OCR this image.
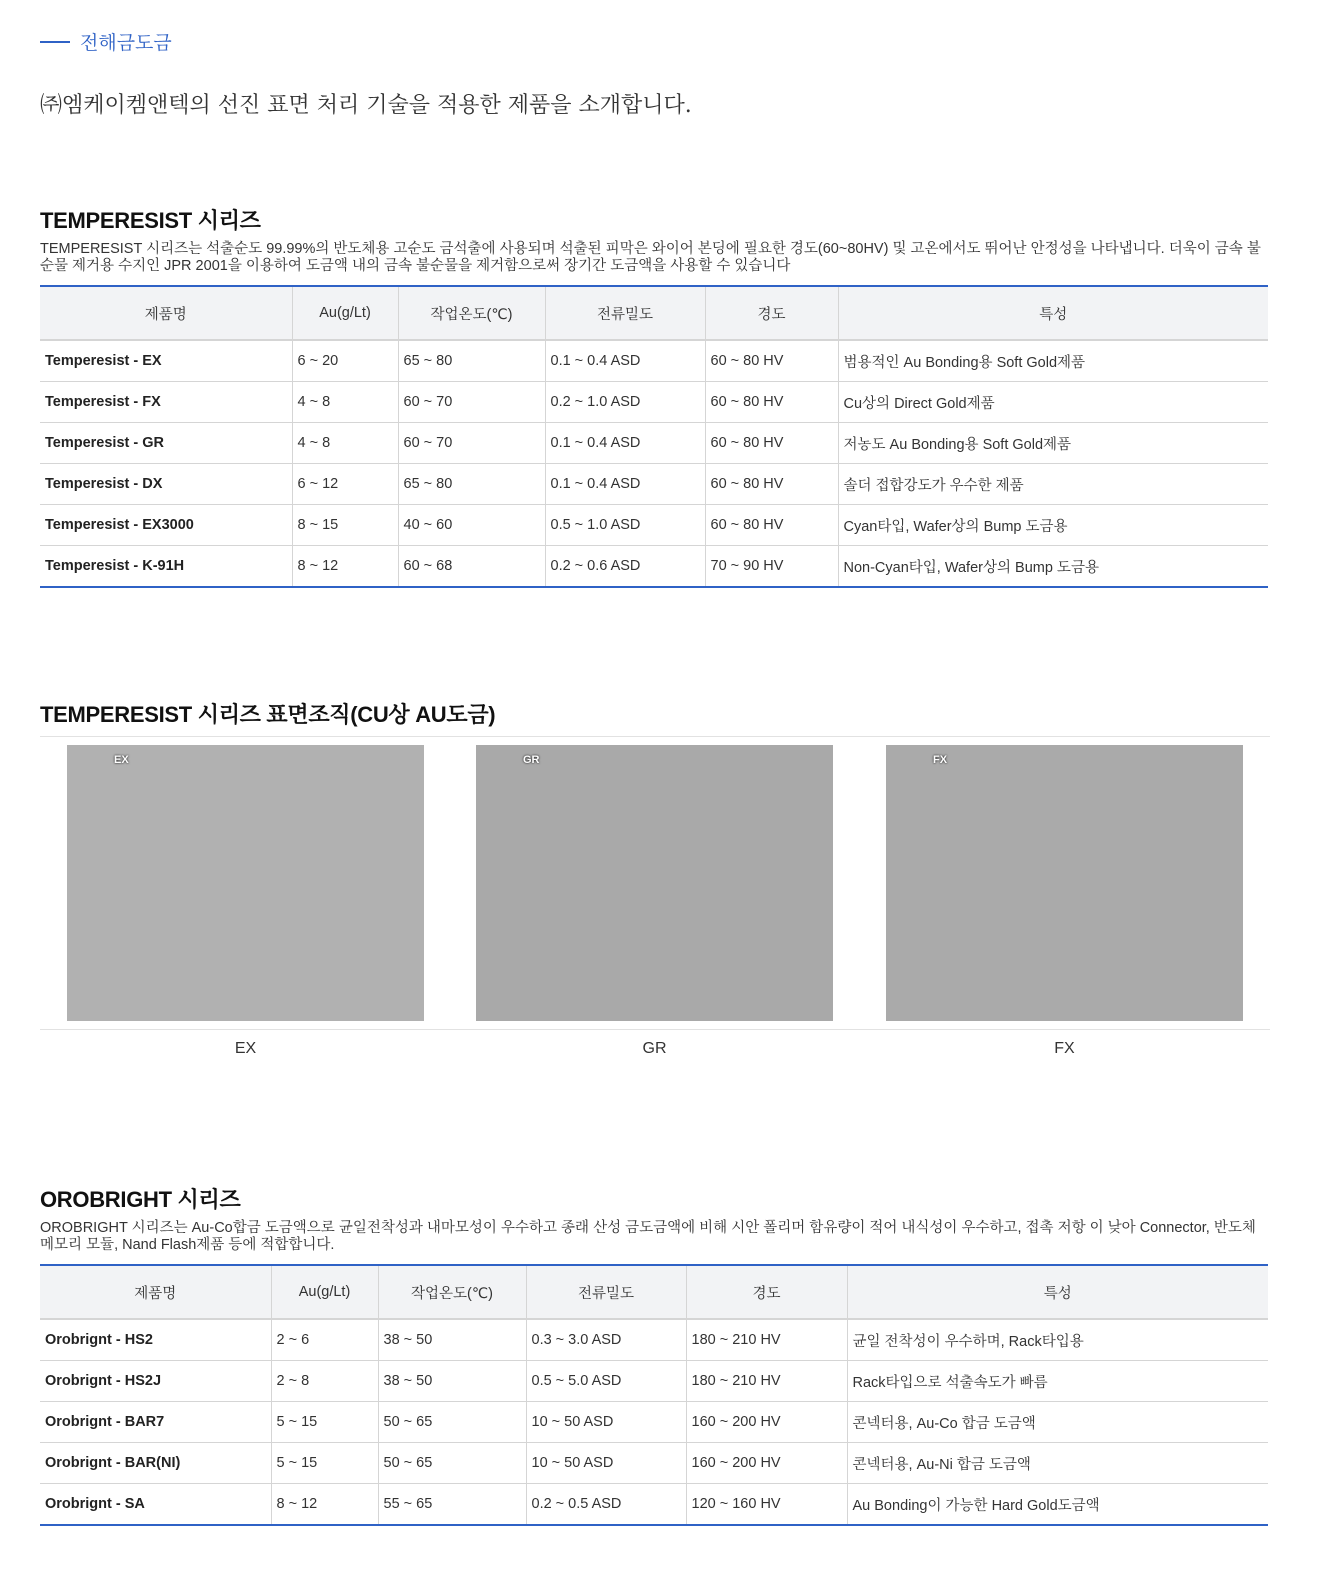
전해금도금
㈜엠케이켐앤텍의 선진 표면 처리 기술을 적용한 제품을 소개합니다.
TEMPERESIST 시리즈
TEMPERESIST 시리즈는 석출순도 99.99%의 반도체용 고순도 금석출에 사용되며 석출된 피막은 와이어 본딩에 필요한 경도(60~80HV) 및 고온에서도 뛰어난 안정성을 나타냅니다. 더욱이 금속 불순물 제거용 수지인 JPR 2001을 이용하여 도금액 내의 금속 불순물을 제거함으로써 장기간 도금액을 사용할 수 있습니다
제품명	Au(g/Lt)	작업온도(℃)	전류밀도	경도	특성
Temperesist - EX	6 ~ 20	65 ~ 80	0.1 ~ 0.4 ASD	60 ~ 80 HV	범용적인 Au Bonding용 Soft Gold제품
Temperesist - FX	4 ~ 8	60 ~ 70	0.2 ~ 1.0 ASD	60 ~ 80 HV	Cu상의 Direct Gold제품
Temperesist - GR	4 ~ 8	60 ~ 70	0.1 ~ 0.4 ASD	60 ~ 80 HV	저농도 Au Bonding용 Soft Gold제품
Temperesist - DX	6 ~ 12	65 ~ 80	0.1 ~ 0.4 ASD	60 ~ 80 HV	솔더 접합강도가 우수한 제품
Temperesist - EX3000	8 ~ 15	40 ~ 60	0.5 ~ 1.0 ASD	60 ~ 80 HV	Cyan타입, Wafer상의 Bump 도금용
Temperesist - K-91H	8 ~ 12	60 ~ 68	0.2 ~ 0.6 ASD	70 ~ 90 HV	Non-Cyan타입, Wafer상의 Bump 도금용
TEMPERESIST 시리즈 표면조직(CU상 AU도금)
EX	GR	FX
EX	GR	FX
OROBRIGHT 시리즈
OROBRIGHT 시리즈는 Au-Co합금 도금액으로 균일전착성과 내마모성이 우수하고 종래 산성 금도금액에 비해 시안 폴리머 함유량이 적어 내식성이 우수하고, 접촉 저항 이 낮아 Connector, 반도체 메모리 모듈, Nand Flash제품 등에 적합합니다.
제품명	Au(g/Lt)	작업온도(℃)	전류밀도	경도	특성
Orobrignt - HS2	2 ~ 6	38 ~ 50	0.3 ~ 3.0 ASD	180 ~ 210 HV	균일 전착성이 우수하며, Rack타입용
Orobrignt - HS2J	2 ~ 8	38 ~ 50	0.5 ~ 5.0 ASD	180 ~ 210 HV	Rack타입으로 석출속도가 빠름
Orobrignt - BAR7	5 ~ 15	50 ~ 65	10 ~ 50 ASD	160 ~ 200 HV	콘넥터용, Au-Co 합금 도금액
Orobrignt - BAR(NI)	5 ~ 15	50 ~ 65	10 ~ 50 ASD	160 ~ 200 HV	콘넥터용, Au-Ni 합금 도금액
Orobrignt - SA	8 ~ 12	55 ~ 65	0.2 ~ 0.5 ASD	120 ~ 160 HV	Au Bonding이 가능한 Hard Gold도금액
